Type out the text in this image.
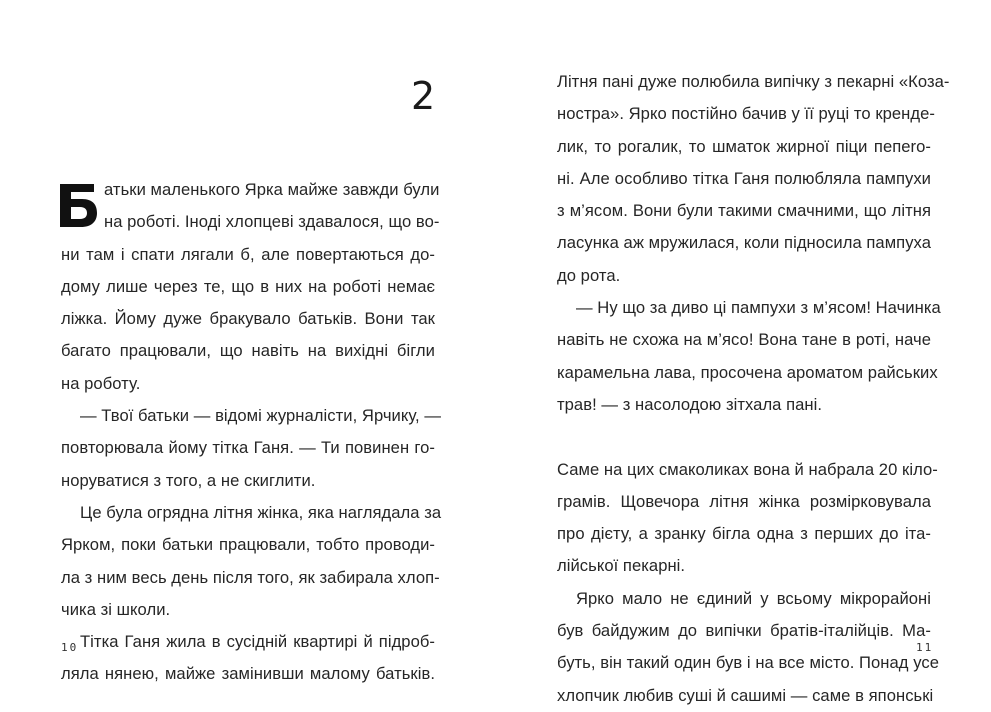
2
атьки маленького Ярка майже завжди були
на роботі. Іноді хлопцеві здавалося, що во-
ни там і спати лягали б, але повертаються до-
дому лише через те, що в них на роботі немає
ліжка. Йому дуже бракувало батьків. Вони так
багато працювали, що навіть на вихідні бігли
на роботу.
— Твої батьки — відомі журналісти, Ярчику, —
повторювала йому тітка Ганя. — Ти повинен го-
норуватися з того, а не скиглити.
Це була огрядна літня жінка, яка наглядала за
Ярком, поки батьки працювали, тобто проводи-
ла з ним весь день після того, як забирала хлоп-
чика зі школи.
Тітка Ганя жила в сусідній квартирі й підроб-
ляла нянею, майже замінивши малому батьків.
10
Літня пані дуже полюбила випічку з пекарні «Коза-
ностра». Ярко постійно бачив у її руці то кренде-
лик, то рогалик, то шматок жирної піци пепero-
ні. Але особливо тітка Ганя полюбляла пампухи
з м’ясом. Вони були такими смачними, що літня
ласунка аж мружилася, коли підносила пампуха
до рота.
— Ну що за диво ці пампухи з м’ясом! Начинка
навіть не схожа на м’ясо! Вона тане в роті, наче
карамельна лава, просочена ароматом райських
трав! — з насолодою зітхала пані.
Саме на цих смаколиках вона й набрала 20 кіло-
грамів. Щовечора літня жінка розмірковувала
про дієту, а зранку бігла одна з перших до іта-
лійської пекарні.
Ярко мало не єдиний у всьому мікрорайоні
був байдужим до випічки братів-італійців. Ма-
буть, він такий один був і на все місто. Понад усе
хлопчик любив суші й сашимі — саме в японські
11
